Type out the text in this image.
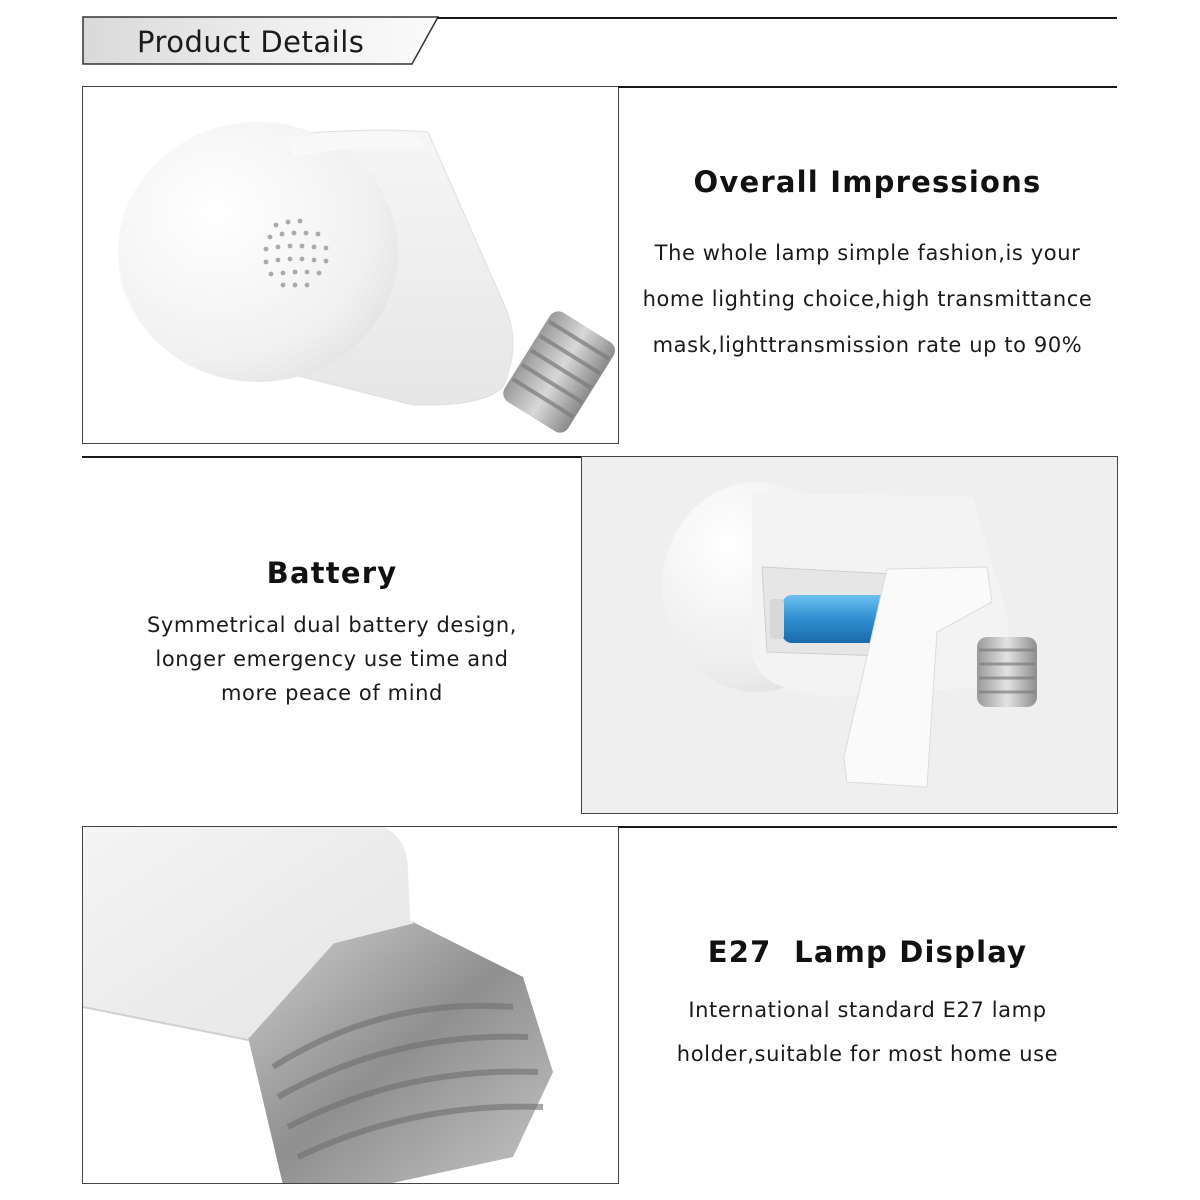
Product Details
Overall Impressions
The whole lamp simple fashion,is your
home lighting choice,high transmittance
mask,lighttransmission rate up to 90%
Battery
Symmetrical dual battery design,
longer emergency use time and
more peace of mind
E27  Lamp Display
International standard E27 lamp
holder,suitable for most home use
